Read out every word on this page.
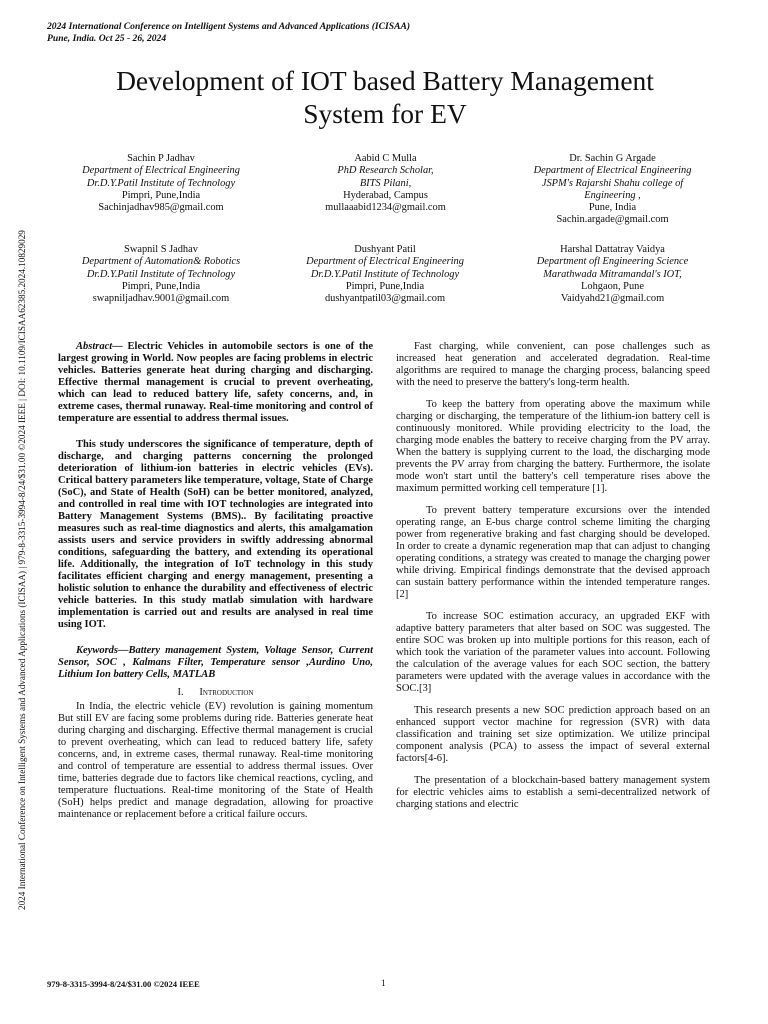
2024 International Conference on Intelligent Systems and Advanced Applications (ICISAA)
Pune, India. Oct 25 - 26, 2024
2024 International Conference on Intelligent Systems and Advanced Applications (ICISAA) | 979-8-3315-3994-8/24/$31.00 ©2024 IEEE | DOI: 10.1109/ICISAA62385.2024.10829029
Development of IOT based Battery Management
System for EV
Sachin P Jadhav
Department of Electrical Engineering
Dr.D.Y.Patil Institute of Technology
Pimpri, Pune,India
Sachinjadhav985@gmail.com
Aabid C Mulla
PhD Research Scholar,
BITS Pilani,
Hyderabad, Campus
mullaaabid1234@gmail.com
Dr. Sachin G Argade
Department of Electrical Engineering
JSPM's Rajarshi Shahu college of
Engineering ,
Pune, India
Sachin.argade@gmail.com
Swapnil S Jadhav
Department of Automation& Robotics
Dr.D.Y.Patil Institute of Technology
Pimpri, Pune,India
swapniljadhav.9001@gmail.com
Dushyant Patil
Department of Electrical Engineering
Dr.D.Y.Patil Institute of Technology
Pimpri, Pune,India
dushyantpatil03@gmail.com
Harshal Dattatray Vaidya
Department ofl Engineering Science
Marathwada Mitramandal's IOT,
Lohgaon, Pune
Vaidyahd21@gmail.com

Abstract— Electric Vehicles in automobile sectors is one of the largest growing in World. Now peoples are facing problems in electric vehicles. Batteries generate heat during charging and discharging. Effective thermal management is crucial to prevent overheating, which can lead to reduced battery life, safety concerns, and, in extreme cases, thermal runaway. Real-time monitoring and control of temperature are essential to address thermal issues.

This study underscores the significance of temperature, depth of discharge, and charging patterns concerning the prolonged deterioration of lithium-ion batteries in electric vehicles (EVs). Critical battery parameters like temperature, voltage, State of Charge (SoC), and State of Health (SoH) can be better monitored, analyzed, and controlled in real time with IOT technologies are integrated into Battery Management Systems (BMS).. By facilitating proactive measures such as real-time diagnostics and alerts, this amalgamation assists users and service providers in swiftly addressing abnormal conditions, safeguarding the battery, and extending its operational life. Additionally, the integration of IoT technology in this study facilitates efficient charging and energy management, presenting a holistic solution to enhance the durability and effectiveness of electric vehicle batteries. In this study matlab simulation with hardware implementation is carried out and results are analysed in real time using IOT.

Keywords—Battery management System, Voltage Sensor, Current Sensor, SOC , Kalmans Filter, Temperature sensor ,Aurdino Uno, Lithium Ion battery Cells, MATLAB

I. Introduction

In India, the electric vehicle (EV) revolution is gaining momentum But still EV are facing some problems during ride. Batteries generate heat during charging and discharging. Effective thermal management is crucial to prevent overheating, which can lead to reduced battery life, safety concerns, and, in extreme cases, thermal runaway. Real-time monitoring and control of temperature are essential to address thermal issues. Over time, batteries degrade due to factors like chemical reactions, cycling, and temperature fluctuations. Real-time monitoring of the State of Health (SoH) helps predict and manage degradation, allowing for proactive maintenance or replacement before a critical failure occurs.

Fast charging, while convenient, can pose challenges such as increased heat generation and accelerated degradation. Real-time algorithms are required to manage the charging process, balancing speed with the need to preserve the battery's long-term health.

To keep the battery from operating above the maximum while charging or discharging, the temperature of the lithium-ion battery cell is continuously monitored. While providing electricity to the load, the charging mode enables the battery to receive charging from the PV array. When the battery is supplying current to the load, the discharging mode prevents the PV array from charging the battery. Furthermore, the isolate mode won't start until the battery's cell temperature rises above the maximum permitted working cell temperature [1].

To prevent battery temperature excursions over the intended operating range, an E-bus charge control scheme limiting the charging power from regenerative braking and fast charging should be developed. In order to create a dynamic regeneration map that can adjust to changing operating conditions, a strategy was created to manage the charging power while driving. Empirical findings demonstrate that the devised approach can sustain battery performance within the intended temperature ranges.[2]

To increase SOC estimation accuracy, an upgraded EKF with adaptive battery parameters that alter based on SOC was suggested. The entire SOC was broken up into multiple portions for this reason, each of which took the variation of the parameter values into account. Following the calculation of the average values for each SOC section, the battery parameters were updated with the average values in accordance with the SOC.[3]

This research presents a new SOC prediction approach based on an enhanced support vector machine for regression (SVR) with data classification and training set size optimization. We utilize principal component analysis (PCA) to assess the impact of several external factors[4-6].

The presentation of a blockchain-based battery management system for electric vehicles aims to establish a semi-decentralized network of charging stations and electric

979-8-3315-3994-8/24/$31.00 ©2024 IEEE	1
